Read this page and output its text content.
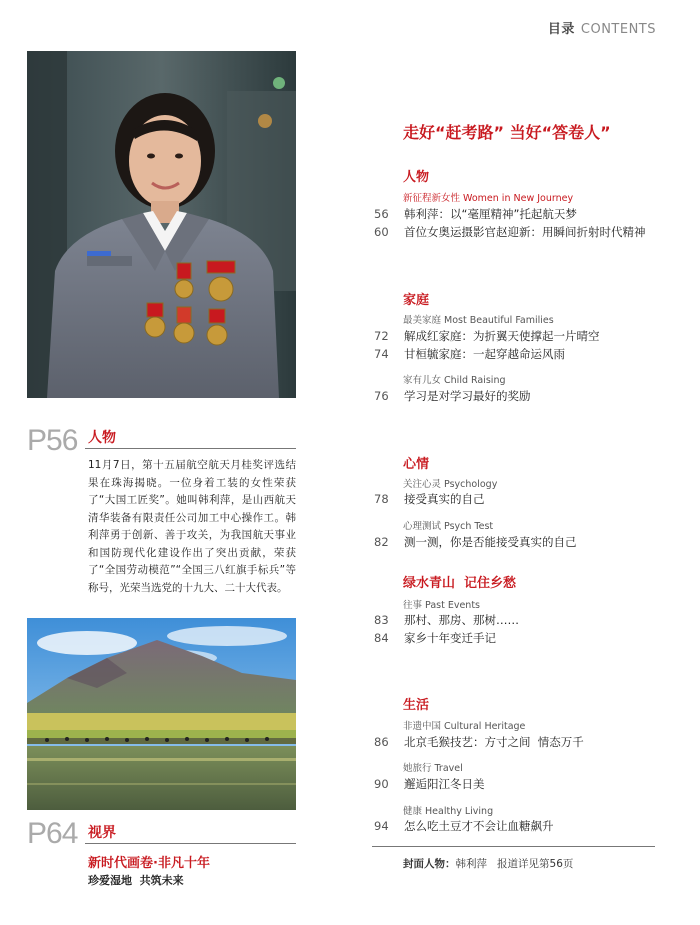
目录 CONTENTS
P56 人物
11月7日，第十五届航空航天月桂奖评选结果在珠海揭晓。一位身着工装的女性荣获了“大国工匠奖”。她叫韩利萍，是山西航天清华装备有限责任公司加工中心操作工。韩利萍勇于创新、善于攻关，为我国航天事业和国防现代化建设作出了突出贡献，荣获了“全国劳动模范”“全国三八红旗手标兵”等称号，光荣当选党的十九大、二十大代表。
P64 视界
新时代画卷·非凡十年
珍爱湿地  共筑未来
走好“赶考路” 当好“答卷人”
人物
新征程新女性 Women in New Journey
56 韩利萍：以“毫厘精神”托起航天梦
60 首位女奥运摄影官赵迎新：用瞬间折射时代精神
家庭
最美家庭 Most Beautiful Families
72 解成红家庭：为折翼天使撑起一片晴空
74 甘桓毓家庭：一起穿越命运风雨
家有儿女 Child Raising
76 学习是对学习最好的奖励
心情
关注心灵 Psychology
78 接受真实的自己
心理测试 Psych Test
82 测一测，你是否能接受真实的自己
绿水青山  记住乡愁
往事 Past Events
83 那村、那房、那树……
84 家乡十年变迁手记
生活
非遗中国 Cultural Heritage
86 北京毛猴技艺：方寸之间  情态万千
她旅行 Travel
90 邂逅阳江冬日美
健康 Healthy Living
94 怎么吃土豆才不会让血糖飙升
封面人物：韩利萍 报道详见第56页
